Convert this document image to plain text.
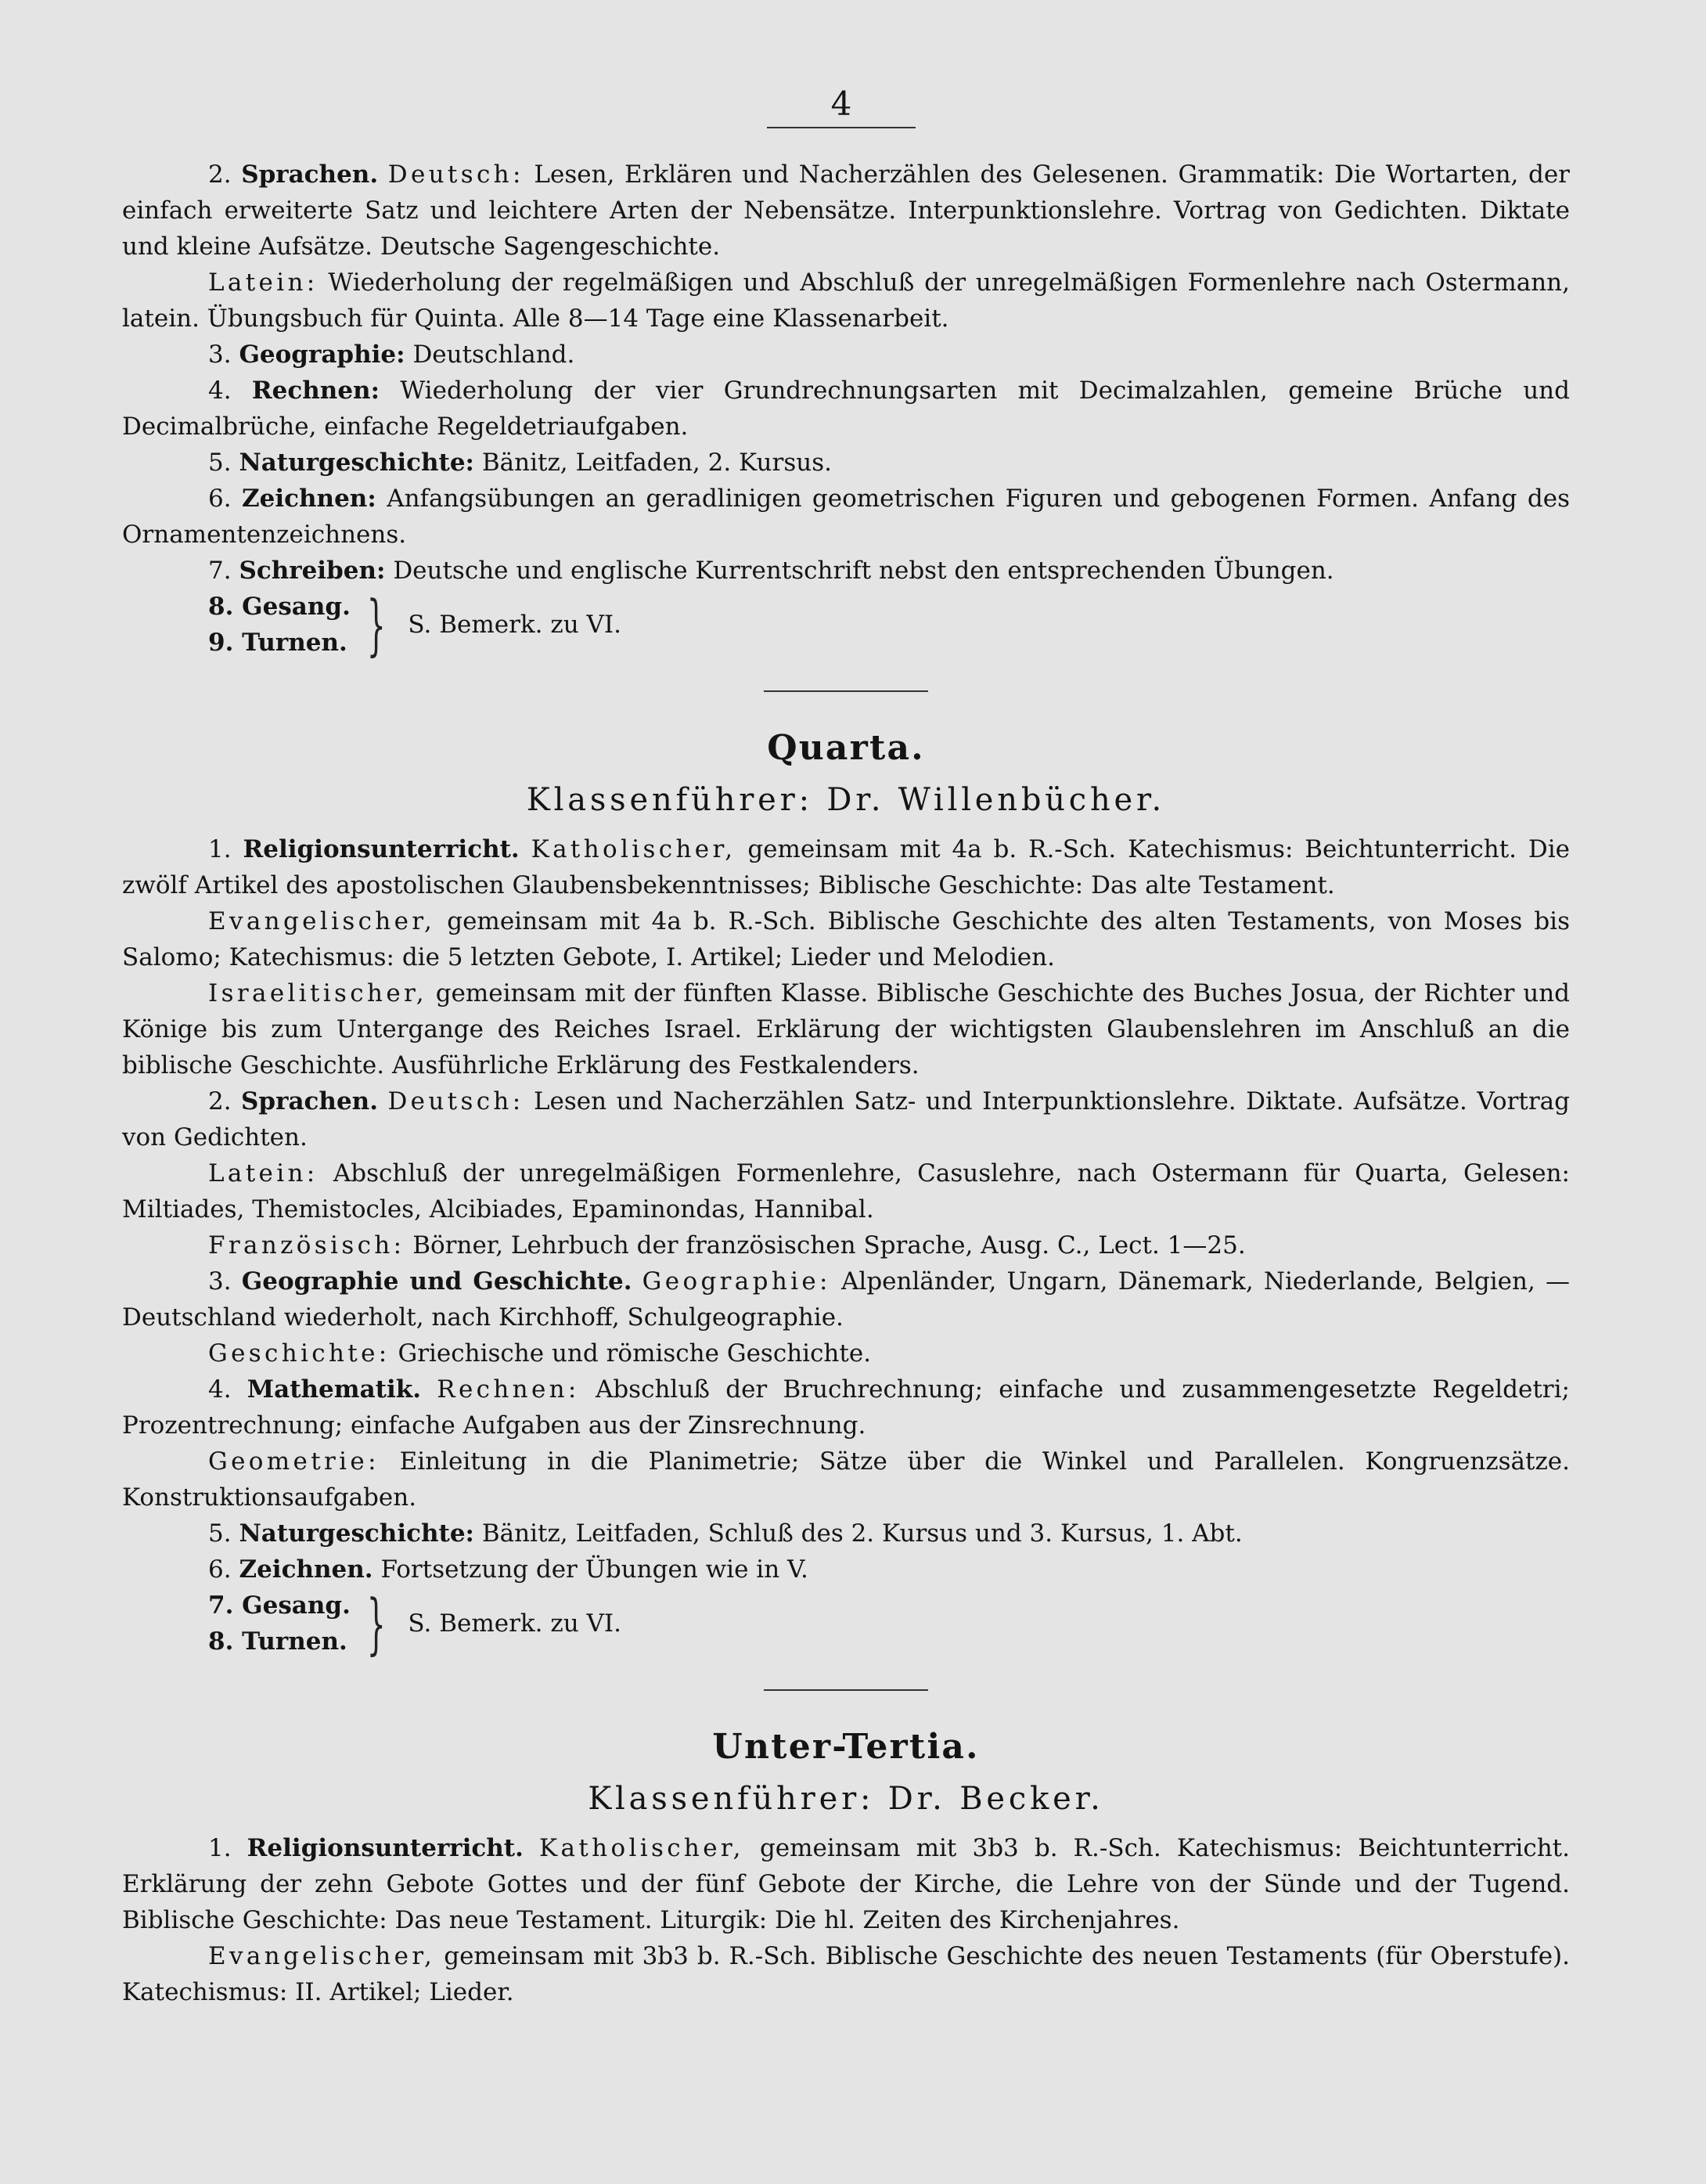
4

2. Sprachen. Deutsch: Lesen, Erklären und Nacherzählen des Gelesenen. Grammatik: Die Wortarten, der einfach erweiterte Satz und leichtere Arten der Nebensätze. Interpunktionslehre. Vortrag von Gedichten. Diktate und kleine Aufsätze. Deutsche Sagengeschichte.

Latein: Wiederholung der regelmäßigen und Abschluß der unregelmäßigen Formenlehre nach Ostermann, latein. Übungsbuch für Quinta. Alle 8—14 Tage eine Klassenarbeit.

3. Geographie: Deutschland.

4. Rechnen: Wiederholung der vier Grundrechnungsarten mit Decimalzahlen, gemeine Brüche und Decimalbrüche, einfache Regeldetriaufgaben.

5. Naturgeschichte: Bänitz, Leitfaden, 2. Kursus.

6. Zeichnen: Anfangsübungen an geradlinigen geometrischen Figuren und gebogenen Formen. Anfang des Ornamentenzeichnens.

7. Schreiben: Deutsche und englische Kurrentschrift nebst den entsprechenden Übungen.

8. Gesang.
9. Turnen. } S. Bemerk. zu VI.
Quarta.
Klassenführer: Dr. Willenbücher.

1. Religionsunterricht. Katholischer, gemeinsam mit 4a b. R.-Sch. Katechismus: Beichtunterricht. Die zwölf Artikel des apostolischen Glaubensbekenntnisses; Biblische Geschichte: Das alte Testament.

Evangelischer, gemeinsam mit 4a b. R.-Sch. Biblische Geschichte des alten Testaments, von Moses bis Salomo; Katechismus: die 5 letzten Gebote, I. Artikel; Lieder und Melodien.

Israelitischer, gemeinsam mit der fünften Klasse. Biblische Geschichte des Buches Josua, der Richter und Könige bis zum Untergange des Reiches Israel. Erklärung der wichtigsten Glaubenslehren im Anschluß an die biblische Geschichte. Ausführliche Erklärung des Festkalenders.

2. Sprachen. Deutsch: Lesen und Nacherzählen Satz- und Interpunktionslehre. Diktate. Aufsätze. Vortrag von Gedichten.

Latein: Abschluß der unregelmäßigen Formenlehre, Casuslehre, nach Ostermann für Quarta, Gelesen: Miltiades, Themistocles, Alcibiades, Epaminondas, Hannibal.

Französisch: Börner, Lehrbuch der französischen Sprache, Ausg. C., Lect. 1—25.

3. Geographie und Geschichte. Geographie: Alpenländer, Ungarn, Dänemark, Niederlande, Belgien, — Deutschland wiederholt, nach Kirchhoff, Schulgeographie.

Geschichte: Griechische und römische Geschichte.

4. Mathematik. Rechnen: Abschluß der Bruchrechnung; einfache und zusammengesetzte Regeldetri; Prozentrechnung; einfache Aufgaben aus der Zinsrechnung.

Geometrie: Einleitung in die Planimetrie; Sätze über die Winkel und Parallelen. Kongruenzsätze. Konstruktionsaufgaben.

5. Naturgeschichte: Bänitz, Leitfaden, Schluß des 2. Kursus und 3. Kursus, 1. Abt.

6. Zeichnen. Fortsetzung der Übungen wie in V.

7. Gesang.
8. Turnen. } S. Bemerk. zu VI.
Unter-Tertia.
Klassenführer: Dr. Becker.

1. Religionsunterricht. Katholischer, gemeinsam mit 3b3 b. R.-Sch. Katechismus: Beichtunterricht. Erklärung der zehn Gebote Gottes und der fünf Gebote der Kirche, die Lehre von der Sünde und der Tugend. Biblische Geschichte: Das neue Testament. Liturgik: Die hl. Zeiten des Kirchenjahres.

Evangelischer, gemeinsam mit 3b3 b. R.-Sch. Biblische Geschichte des neuen Testaments (für Oberstufe). Katechismus: II. Artikel; Lieder.
